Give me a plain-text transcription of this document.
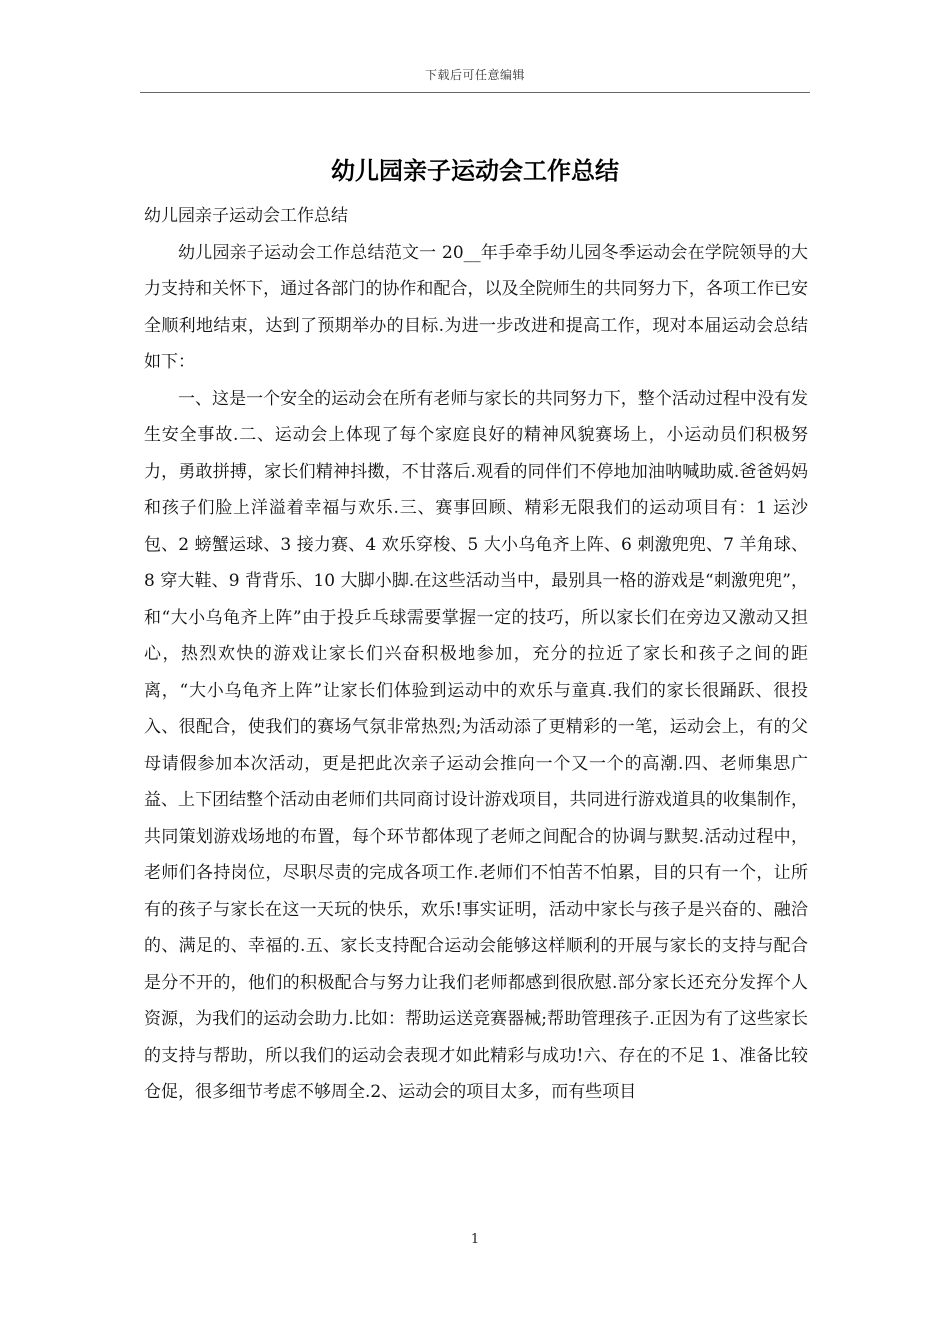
下载后可任意编辑
幼儿园亲子运动会工作总结

幼儿园亲子运动会工作总结

幼儿园亲子运动会工作总结范文一 20__年手牵手幼儿园冬季运动会在学院领导的大力支持和关怀下，通过各部门的协作和配合，以及全院师生的共同努力下，各项工作已安全顺利地结束，达到了预期举办的目标.为进一步改进和提高工作，现对本届运动会总结如下：

一、这是一个安全的运动会在所有老师与家长的共同努力下，整个活动过程中没有发生安全事故.二、运动会上体现了每个家庭良好的精神风貌赛场上，小运动员们积极努力，勇敢拼搏，家长们精神抖擞，不甘落后.观看的同伴们不停地加油呐喊助威.爸爸妈妈和孩子们脸上洋溢着幸福与欢乐.三、赛事回顾、精彩无限我们的运动项目有：1 运沙包、2 螃蟹运球、3 接力赛、4 欢乐穿梭、5 大小乌龟齐上阵、6 刺激兜兜、7 羊角球、8 穿大鞋、9 背背乐、10 大脚小脚.在这些活动当中，最别具一格的游戏是“刺激兜兜”，和“大小乌龟齐上阵”由于投乒乓球需要掌握一定的技巧，所以家长们在旁边又激动又担心，热烈欢快的游戏让家长们兴奋积极地参加，充分的拉近了家长和孩子之间的距离，“大小乌龟齐上阵”让家长们体验到运动中的欢乐与童真.我们的家长很踊跃、很投入、很配合，使我们的赛场气氛非常热烈;为活动添了更精彩的一笔，运动会上，有的父母请假参加本次活动，更是把此次亲子运动会推向一个又一个的高潮.四、老师集思广益、上下团结整个活动由老师们共同商讨设计游戏项目，共同进行游戏道具的收集制作，共同策划游戏场地的布置，每个环节都体现了老师之间配合的协调与默契.活动过程中，老师们各持岗位，尽职尽责的完成各项工作.老师们不怕苦不怕累，目的只有一个，让所有的孩子与家长在这一天玩的快乐，欢乐!事实证明，活动中家长与孩子是兴奋的、融洽的、满足的、幸福的.五、家长支持配合运动会能够这样顺利的开展与家长的支持与配合是分不开的，他们的积极配合与努力让我们老师都感到很欣慰.部分家长还充分发挥个人资源，为我们的运动会助力.比如：帮助运送竞赛器械;帮助管理孩子.正因为有了这些家长的支持与帮助，所以我们的运动会表现才如此精彩与成功!六、存在的不足 1、准备比较仓促，很多细节考虑不够周全.2、运动会的项目太多，而有些项目

1
